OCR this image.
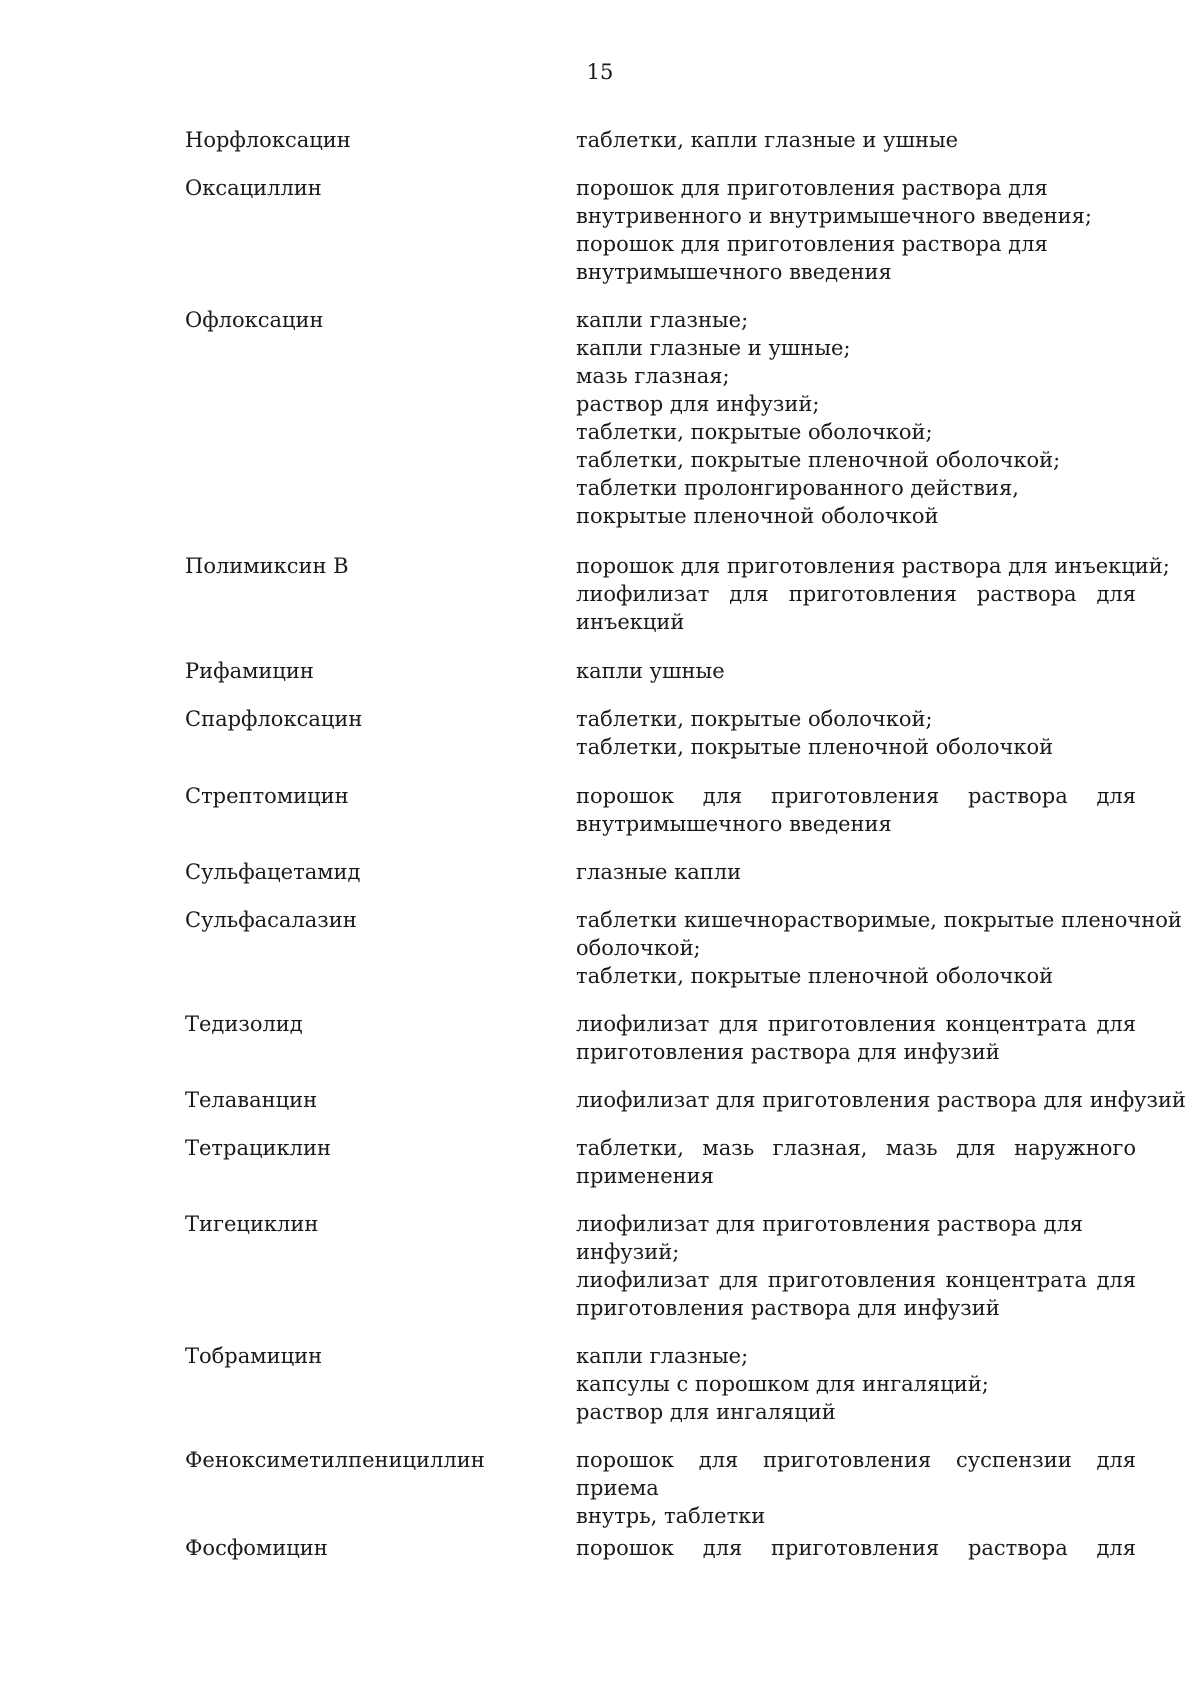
15
Норфлоксацин	таблетки, капли глазные и ушные
Оксациллин	порошок для приготовления раствора для
внутривенного и внутримышечного введения;
порошок для приготовления раствора для
внутримышечного введения
Офлоксацин	капли глазные;
капли глазные и ушные;
мазь глазная;
раствор для инфузий;
таблетки, покрытые оболочкой;
таблетки, покрытые пленочной оболочкой;
таблетки пролонгированного действия,
покрытые пленочной оболочкой
Полимиксин В	порошок для приготовления раствора для инъекций;
лиофилизат для приготовления раствора для
инъекций
Рифамицин	капли ушные
Спарфлоксацин	таблетки, покрытые оболочкой;
таблетки, покрытые пленочной оболочкой
Стрептомицин	порошок для приготовления раствора для
внутримышечного введения
Сульфацетамид	глазные капли
Сульфасалазин	таблетки кишечнорастворимые, покрытые пленочной
оболочкой;
таблетки, покрытые пленочной оболочкой
Тедизолид	лиофилизат для приготовления концентрата для
приготовления раствора для инфузий
Телаванцин	лиофилизат для приготовления раствора для инфузий
Тетрациклин	таблетки, мазь глазная, мазь для наружного
применения
Тигециклин	лиофилизат для приготовления раствора для
инфузий;
лиофилизат для приготовления концентрата для
приготовления раствора для инфузий
Тобрамицин	капли глазные;
капсулы с порошком для ингаляций;
раствор для ингаляций
Феноксиметилпенициллин	порошок для приготовления суспензии для приема
внутрь, таблетки
Фосфомицин	порошок для приготовления раствора для
